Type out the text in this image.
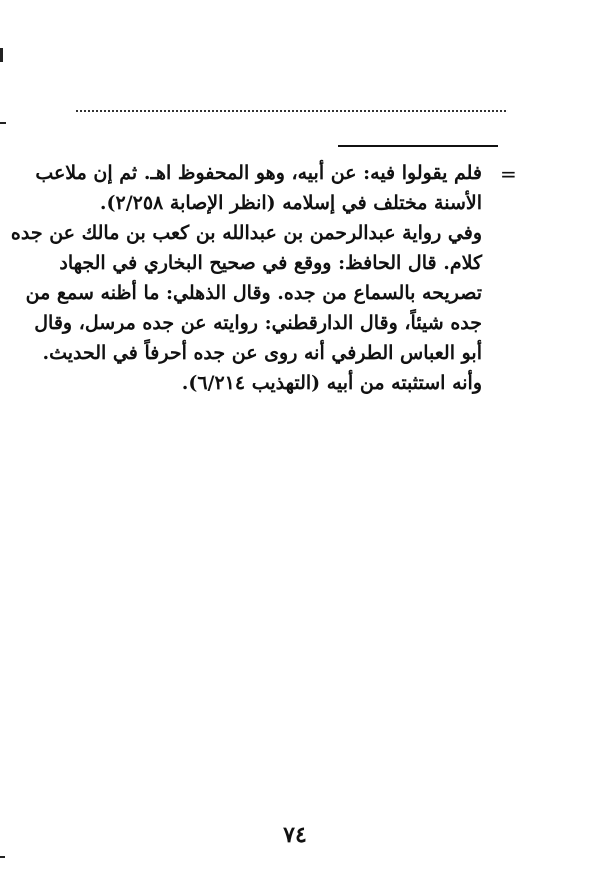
=
فلم يقولوا فيه: عن أبيه، وهو المحفوظ اهـ. ثم إن ملاعب
الأسنة مختلف في إسلامه (انظر الإصابة ٢/٢٥٨).
وفي رواية عبدالرحمن بن عبدالله بن كعب بن مالك عن جده
كلام. قال الحافظ: ووقع في صحيح البخاري في الجهاد
تصريحه بالسماع من جده. وقال الذهلي: ما أظنه سمع من
جده شيئاً، وقال الدارقطني: روايته عن جده مرسل، وقال
أبو العباس الطرفي أنه روى عن جده أحرفاً في الحديث.
وأنه استثبته من أبيه (التهذيب ٦/٢١٤).
٧٤
